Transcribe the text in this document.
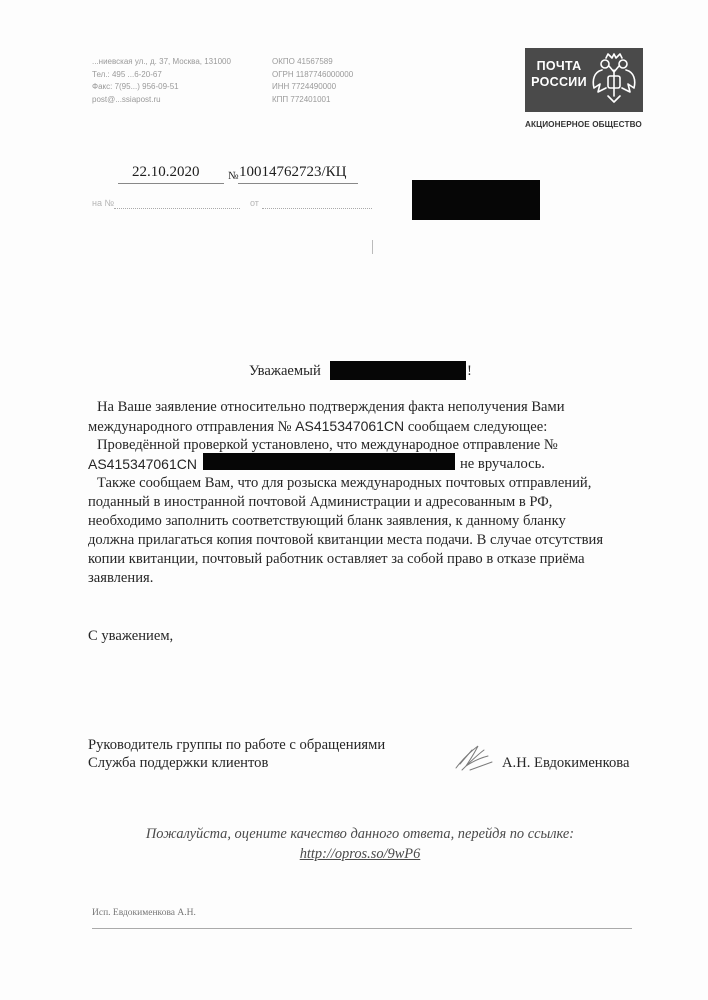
...ниевская ул., д. 37, Москва, 131000
Тел.: 495 ...6-20-67
Факс: 7(95...) 956-09-51
post@...ssiapost.ru
ОКПО 41567589
ОГРН 1187746000000
ИНН 7724490000
КПП 772401001
ПОЧТА
РОССИИ
АКЦИОНЕРНОЕ ОБЩЕСТВО
22.10.2020	№ 10014762723/КЦ
на №	от
Уважаемый	!
На Ваше заявление относительно подтверждения факта неполучения Вами
международного отправления № AS415347061CN сообщаем следующее:
Проведённой проверкой установлено, что международное отправление №
AS415347061CN	не вручалось.
Также сообщаем Вам, что для розыска международных почтовых отправлений,
поданный в иностранной почтовой Администрации и адресованным в РФ,
необходимо заполнить соответствующий бланк заявления, к данному бланку
должна прилагаться копия почтовой квитанции места подачи. В случае отсутствия
копии квитанции, почтовый работник оставляет за собой право в отказе приёма
заявления.
С уважением,
Руководитель группы по работе с обращениями
Служба поддержки клиентов	А.Н. Евдокименкова
Пожалуйста, оцените качество данного ответа, перейдя по ссылке:
http://opros.so/9wP6
Исп. Евдокименкова А.Н.
